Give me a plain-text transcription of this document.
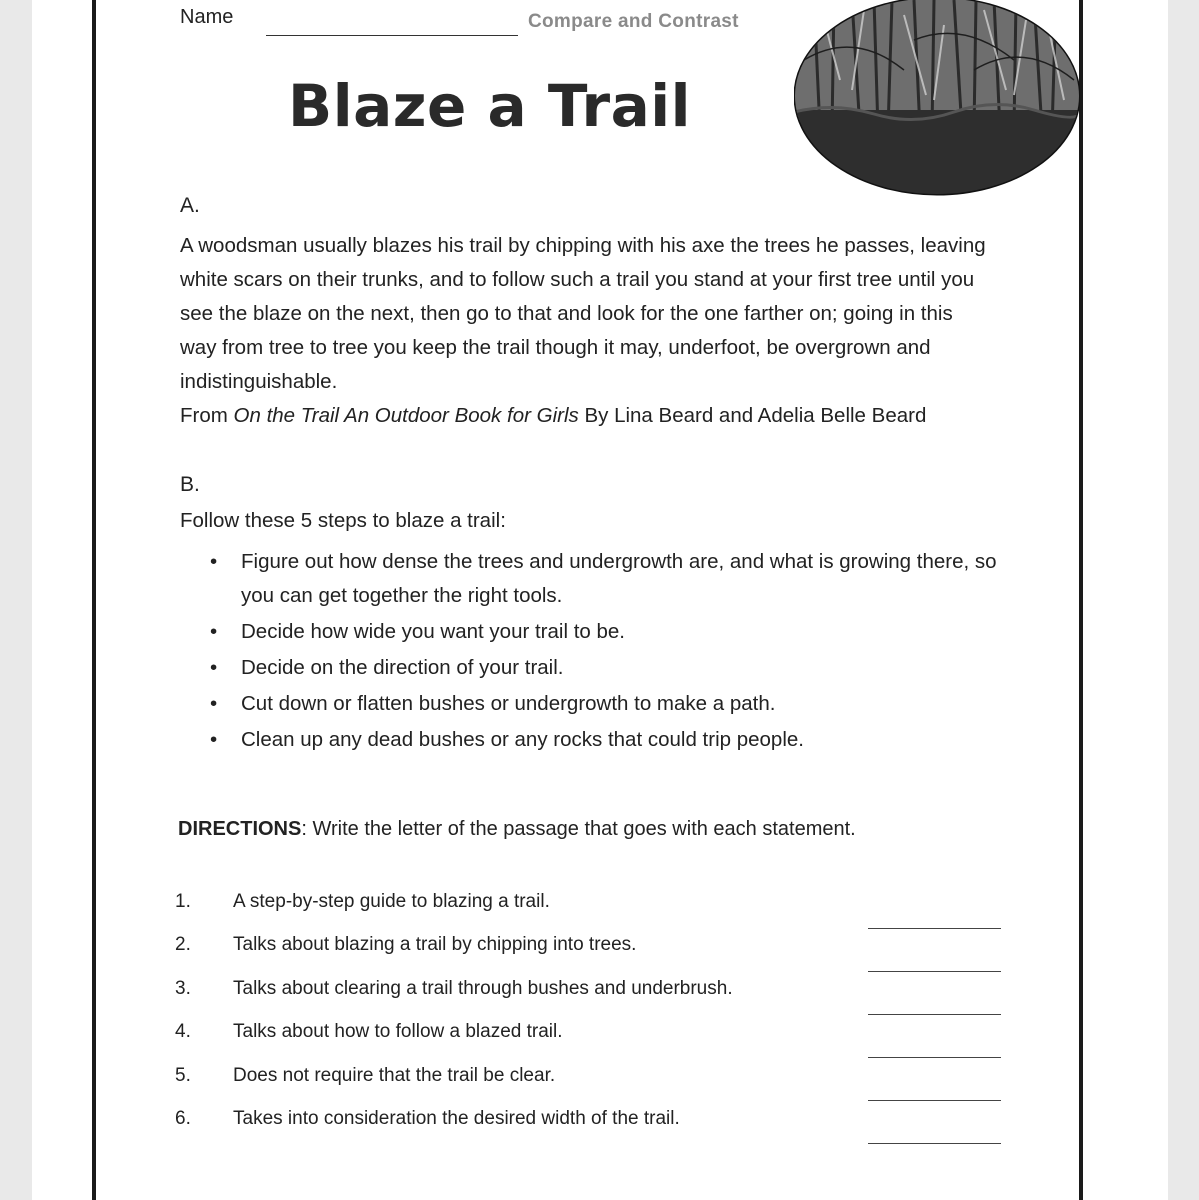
Name	Compare and Contrast
Blaze a Trail
A.

A woodsman usually blazes his trail by chipping with his axe the trees he passes, leaving white scars on their trunks, and to follow such a trail you stand at your first tree until you see the blaze on the next, then go to that and look for the one farther on; going in this way from tree to tree you keep the trail though it may, underfoot, be overgrown and indistinguishable.

From On the Trail An Outdoor Book for Girls By Lina Beard and Adelia Belle Beard

B.
Follow these 5 steps to blaze a trail:
• Figure out how dense the trees and undergrowth are, and what is growing there, so you can get together the right tools.
• Decide how wide you want your trail to be.
• Decide on the direction of your trail.
• Cut down or flatten bushes or undergrowth to make a path.
• Clean up any dead bushes or any rocks that could trip people.
DIRECTIONS: Write the letter of the passage that goes with each statement.
1. A step-by-step guide to blazing a trail.
2. Talks about blazing a trail by chipping into trees.
3. Talks about clearing a trail through bushes and underbrush.
4. Talks about how to follow a blazed trail.
5. Does not require that the trail be clear.
6. Takes into consideration the desired width of the trail.
